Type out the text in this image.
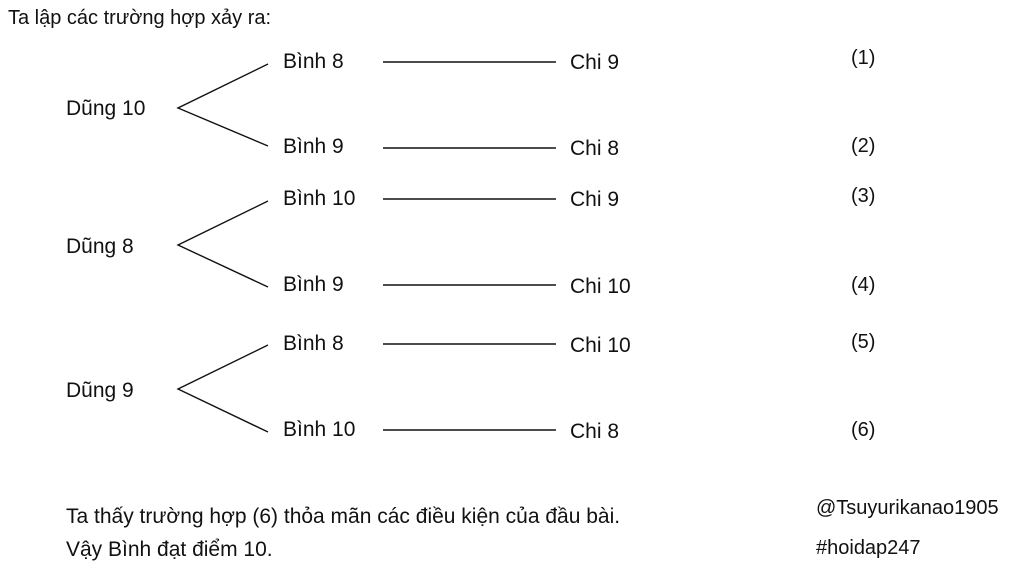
Ta lập các trường hợp xảy ra:
Dũng 10
Bình 8	Chi 9	(1)
Bình 9	Chi 8	(2)
Dũng 8
Bình 10	Chi 9	(3)
Bình 9	Chi 10	(4)
Dũng 9
Bình 8	Chi 10	(5)
Bình 10	Chi 8	(6)
Ta thấy trường hợp (6) thỏa mãn các điều kiện của đầu bài.
Vậy Bình đạt điểm 10.
@Tsuyurikanao1905
#hoidap247
